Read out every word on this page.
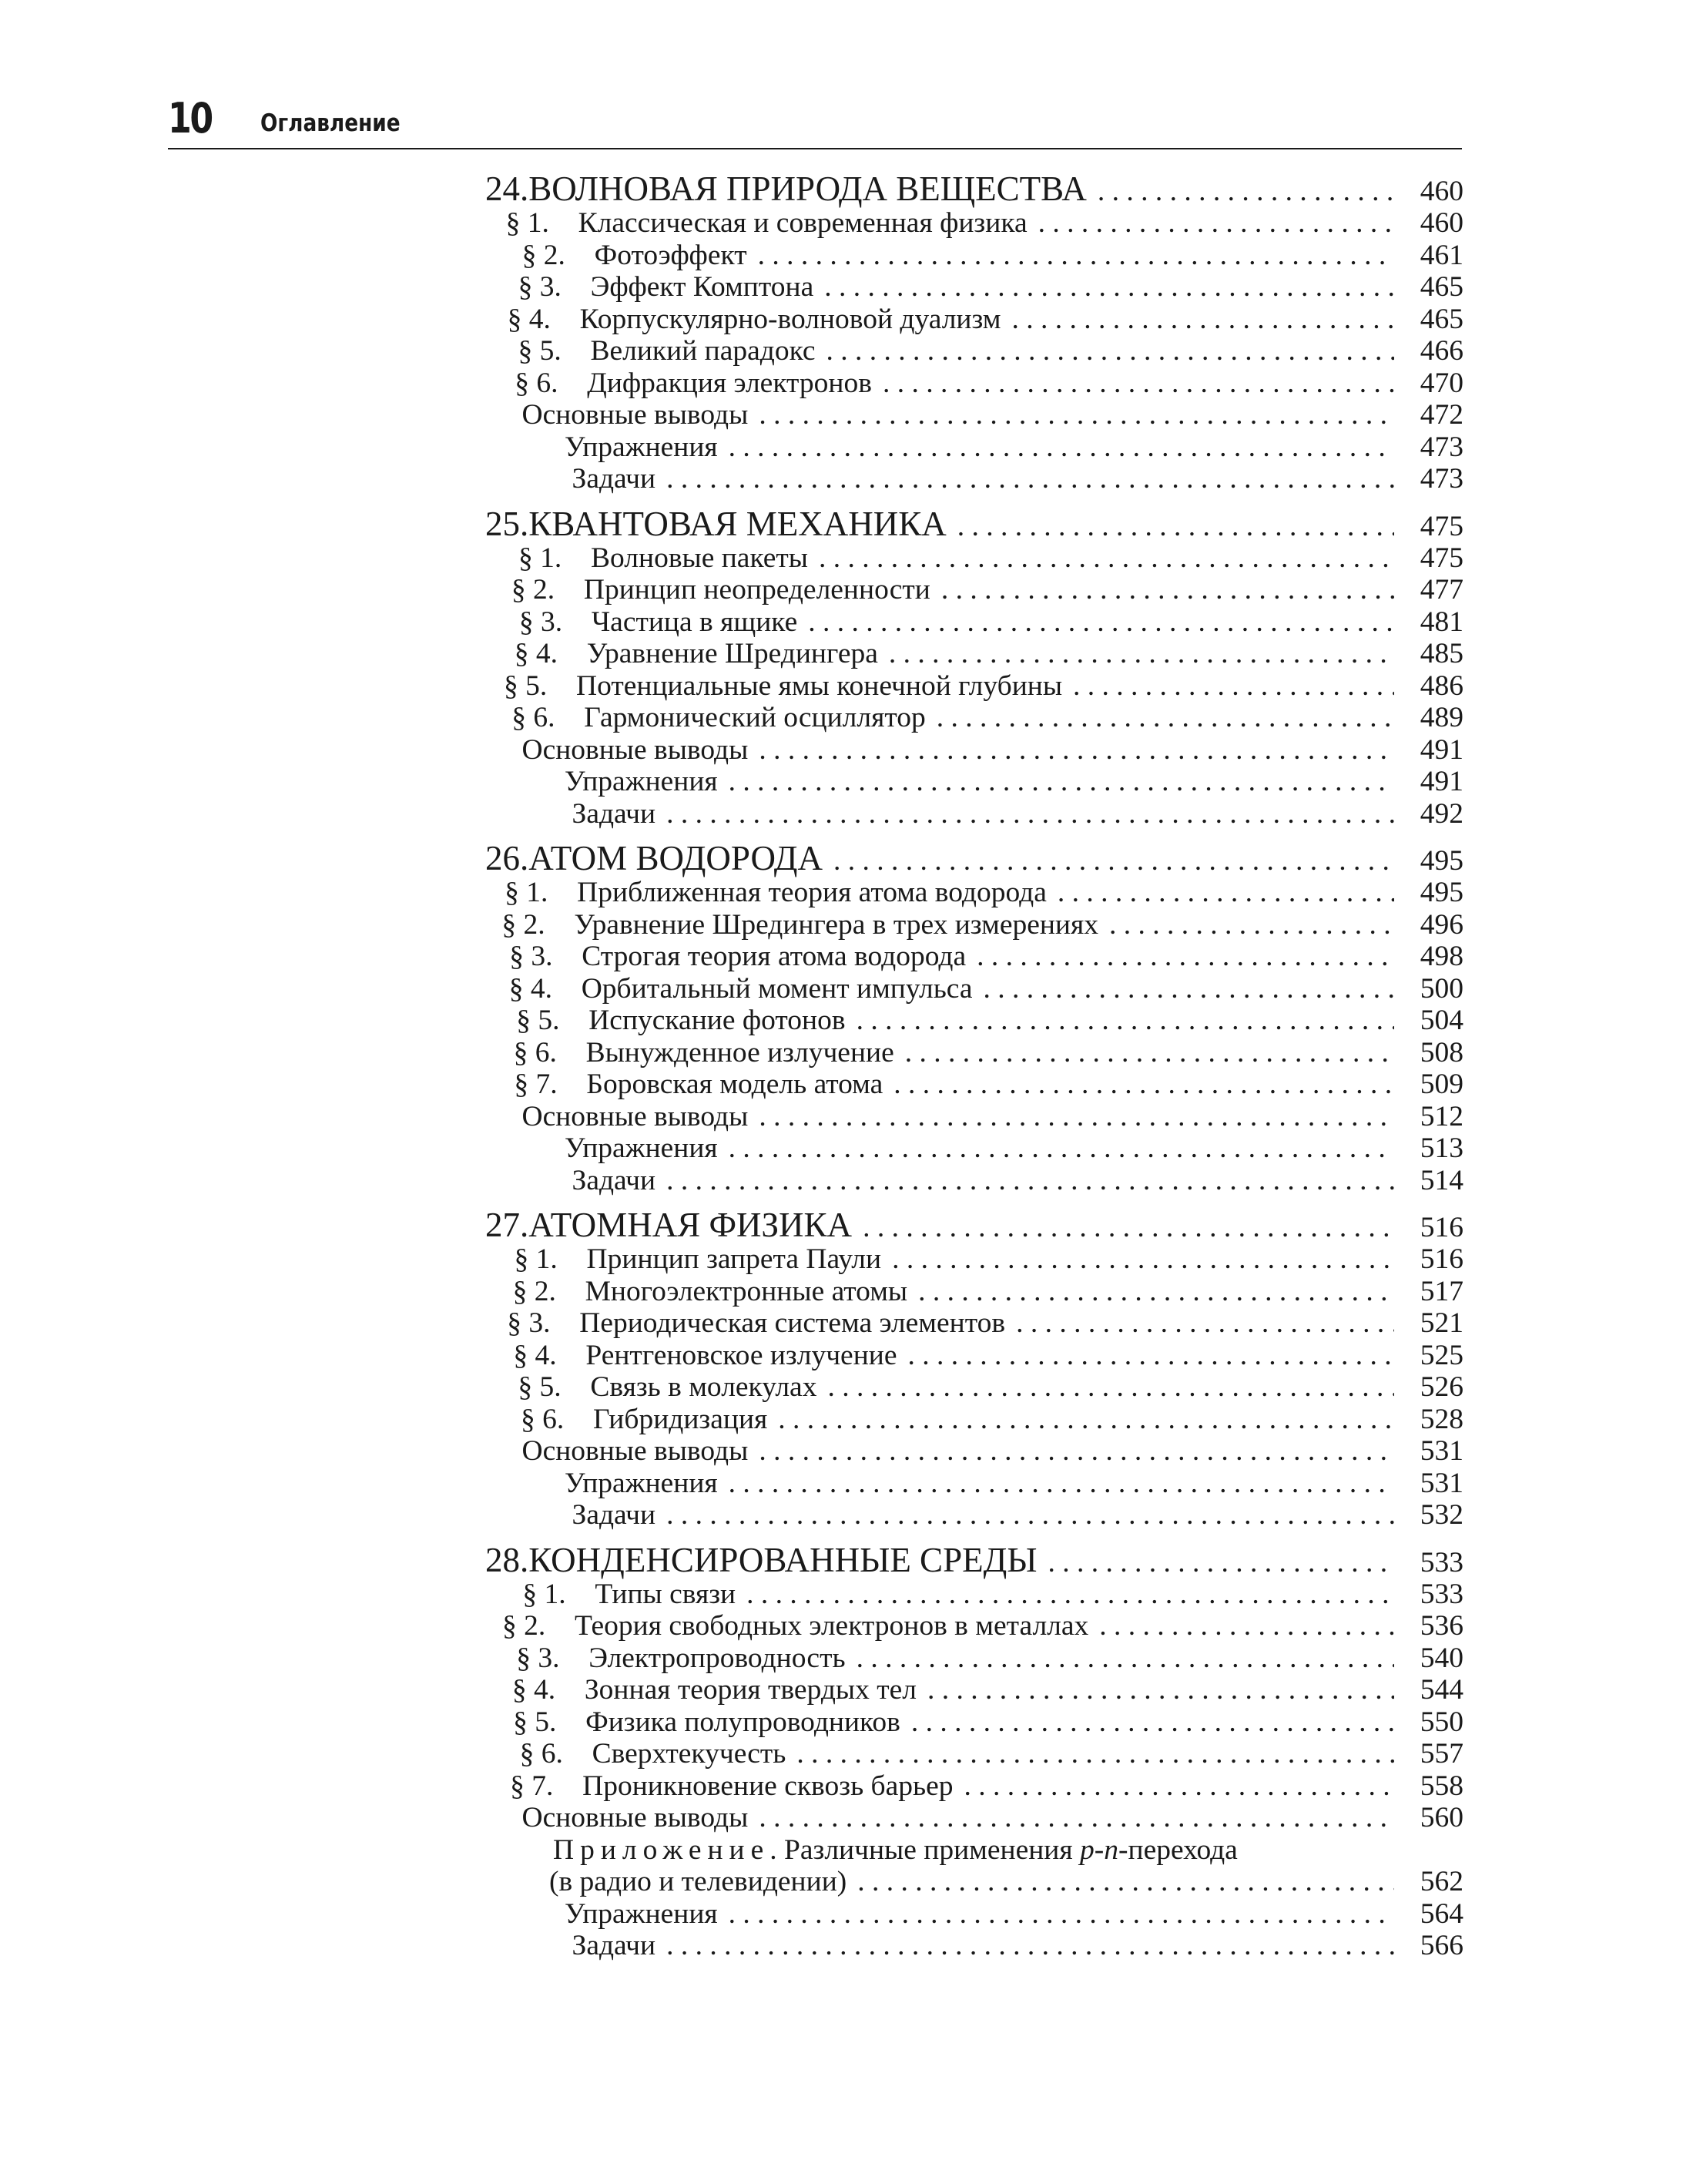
10 Оглавление
24. ВОЛНОВАЯ ПРИРОДА ВЕЩЕСТВА . . .	460
§ 1.	Классическая и современная физика . . .	460
§ 2.	Фотоэффект . . .	461
§ 3.	Эффект Комптона . . .	465
§ 4.	Корпускулярно-волновой дуализм . . .	465
§ 5.	Великий парадокс . . .	466
§ 6.	Дифракция электронов . . .	470
Основные выводы . . .	472
Упражнения . . .	473
Задачи . . .	473
25. КВАНТОВАЯ МЕХАНИКА . . .	475
§ 1.	Волновые пакеты . . .	475
§ 2.	Принцип неопределенности . . .	477
§ 3.	Частица в ящике . . .	481
§ 4.	Уравнение Шредингера . . .	485
§ 5.	Потенциальные ямы конечной глубины . . .	486
§ 6.	Гармонический осциллятор . . .	489
Основные выводы . . .	491
Упражнения . . .	491
Задачи . . .	492
26. АТОМ ВОДОРОДА . . .	495
§ 1.	Приближенная теория атома водорода . . .	495
§ 2.	Уравнение Шредингера в трех измерениях . . .	496
§ 3.	Строгая теория атома водорода . . .	498
§ 4.	Орбитальный момент импульса . . .	500
§ 5.	Испускание фотонов . . .	504
§ 6.	Вынужденное излучение . . .	508
§ 7.	Боровская модель атома . . .	509
Основные выводы . . .	512
Упражнения . . .	513
Задачи . . .	514
27. АТОМНАЯ ФИЗИКА . . .	516
§ 1.	Принцип запрета Паули . . .	516
§ 2.	Многоэлектронные атомы . . .	517
§ 3.	Периодическая система элементов . . .	521
§ 4.	Рентгеновское излучение . . .	525
§ 5.	Связь в молекулах . . .	526
§ 6.	Гибридизация . . .	528
Основные выводы . . .	531
Упражнения . . .	531
Задачи . . .	532
28. КОНДЕНСИРОВАННЫЕ СРЕДЫ . . .	533
§ 1.	Типы связи . . .	533
§ 2.	Теория свободных электронов в металлах . . .	536
§ 3.	Электропроводность . . .	540
§ 4.	Зонная теория твердых тел . . .	544
§ 5.	Физика полупроводников . . .	550
§ 6.	Сверхтекучесть . . .	557
§ 7.	Проникновение сквозь барьер . . .	558
Основные выводы . . .	560
Приложение. Различные применения p-n-перехода
(в радио и телевидении) . . .	562
Упражнения . . .	564
Задачи . . .	566
